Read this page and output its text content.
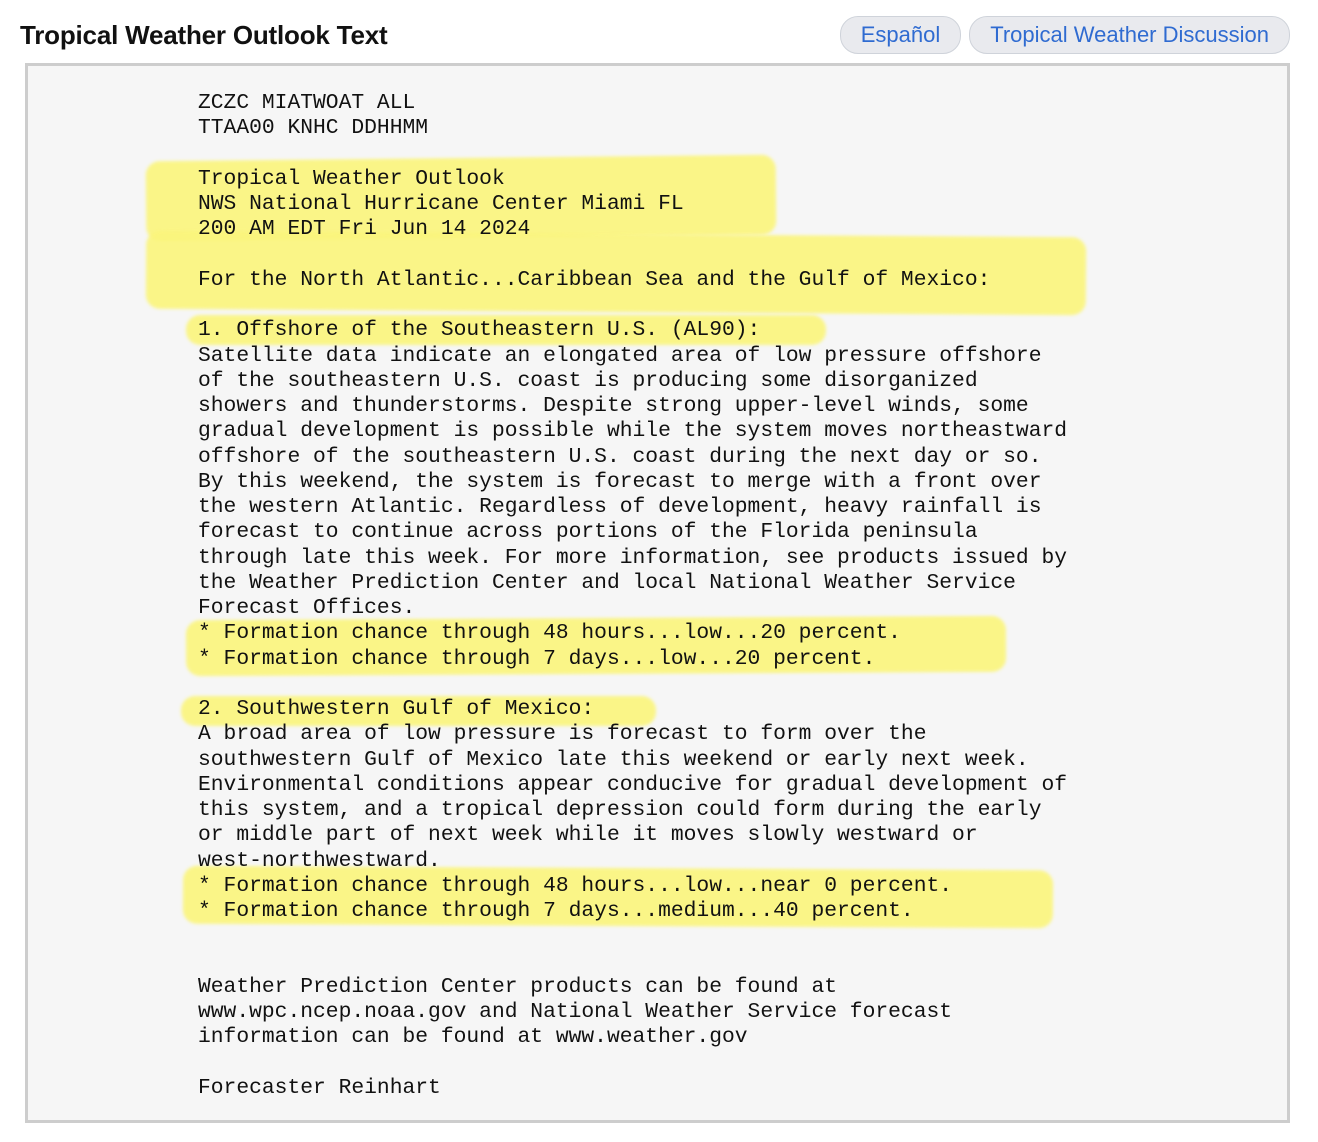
Tropical Weather Outlook Text	Español	Tropical Weather Discussion
ZCZC MIATWOAT ALL
TTAA00 KNHC DDHHMM

Tropical Weather Outlook
NWS National Hurricane Center Miami FL
200 AM EDT Fri Jun 14 2024

For the North Atlantic...Caribbean Sea and the Gulf of Mexico:

1. Offshore of the Southeastern U.S. (AL90):
Satellite data indicate an elongated area of low pressure offshore
of the southeastern U.S. coast is producing some disorganized
showers and thunderstorms. Despite strong upper-level winds, some
gradual development is possible while the system moves northeastward
offshore of the southeastern U.S. coast during the next day or so.
By this weekend, the system is forecast to merge with a front over
the western Atlantic. Regardless of development, heavy rainfall is
forecast to continue across portions of the Florida peninsula
through late this week. For more information, see products issued by
the Weather Prediction Center and local National Weather Service
Forecast Offices.
* Formation chance through 48 hours...low...20 percent.
* Formation chance through 7 days...low...20 percent.

2. Southwestern Gulf of Mexico:
A broad area of low pressure is forecast to form over the
southwestern Gulf of Mexico late this weekend or early next week.
Environmental conditions appear conducive for gradual development of
this system, and a tropical depression could form during the early
or middle part of next week while it moves slowly westward or
west-northwestward.
* Formation chance through 48 hours...low...near 0 percent.
* Formation chance through 7 days...medium...40 percent.

Weather Prediction Center products can be found at
www.wpc.ncep.noaa.gov and National Weather Service forecast
information can be found at www.weather.gov

Forecaster Reinhart
